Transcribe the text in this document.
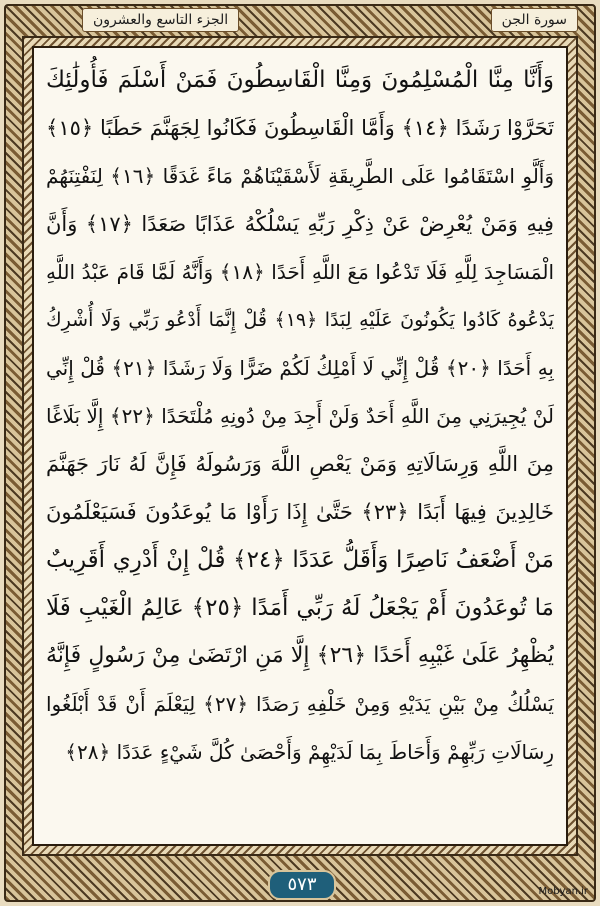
الجزء التاسع والعشرون	سورة الجن
وَأَنَّا مِنَّا الْمُسْلِمُونَ وَمِنَّا الْقَاسِطُونَ فَمَنْ أَسْلَمَ فَأُولَٰئِكَ
تَحَرَّوْا رَشَدًا ﴿١٤﴾ وَأَمَّا الْقَاسِطُونَ فَكَانُوا لِجَهَنَّمَ حَطَبًا ﴿١٥﴾
وَأَلَّوِ اسْتَقَامُوا عَلَى الطَّرِيقَةِ لَأَسْقَيْنَاهُمْ مَاءً غَدَقًا ﴿١٦﴾ لِنَفْتِنَهُمْ
فِيهِ وَمَنْ يُعْرِضْ عَنْ ذِكْرِ رَبِّهِ يَسْلُكْهُ عَذَابًا صَعَدًا ﴿١٧﴾ وَأَنَّ
الْمَسَاجِدَ لِلَّهِ فَلَا تَدْعُوا مَعَ اللَّهِ أَحَدًا ﴿١٨﴾ وَأَنَّهُ لَمَّا قَامَ عَبْدُ اللَّهِ
يَدْعُوهُ كَادُوا يَكُونُونَ عَلَيْهِ لِبَدًا ﴿١٩﴾ قُلْ إِنَّمَا أَدْعُو رَبِّي وَلَا أُشْرِكُ
بِهِ أَحَدًا ﴿٢٠﴾ قُلْ إِنِّي لَا أَمْلِكُ لَكُمْ ضَرًّا وَلَا رَشَدًا ﴿٢١﴾ قُلْ إِنِّي
لَنْ يُجِيرَنِي مِنَ اللَّهِ أَحَدٌ وَلَنْ أَجِدَ مِنْ دُونِهِ مُلْتَحَدًا ﴿٢٢﴾ إِلَّا بَلَاغًا
مِنَ اللَّهِ وَرِسَالَاتِهِ وَمَنْ يَعْصِ اللَّهَ وَرَسُولَهُ فَإِنَّ لَهُ نَارَ جَهَنَّمَ
خَالِدِينَ فِيهَا أَبَدًا ﴿٢٣﴾ حَتَّىٰ إِذَا رَأَوْا مَا يُوعَدُونَ فَسَيَعْلَمُونَ
مَنْ أَضْعَفُ نَاصِرًا وَأَقَلُّ عَدَدًا ﴿٢٤﴾ قُلْ إِنْ أَدْرِي أَقَرِيبٌ
مَا تُوعَدُونَ أَمْ يَجْعَلُ لَهُ رَبِّي أَمَدًا ﴿٢٥﴾ عَالِمُ الْغَيْبِ فَلَا
يُظْهِرُ عَلَىٰ غَيْبِهِ أَحَدًا ﴿٢٦﴾ إِلَّا مَنِ ارْتَضَىٰ مِنْ رَسُولٍ فَإِنَّهُ
يَسْلُكُ مِنْ بَيْنِ يَدَيْهِ وَمِنْ خَلْفِهِ رَصَدًا ﴿٢٧﴾ لِيَعْلَمَ أَنْ قَدْ أَبْلَغُوا
رِسَالَاتِ رَبِّهِمْ وَأَحَاطَ بِمَا لَدَيْهِمْ وَأَحْصَىٰ كُلَّ شَيْءٍ عَدَدًا ﴿٢٨﴾
٥٧٣	Mobyan.ir
